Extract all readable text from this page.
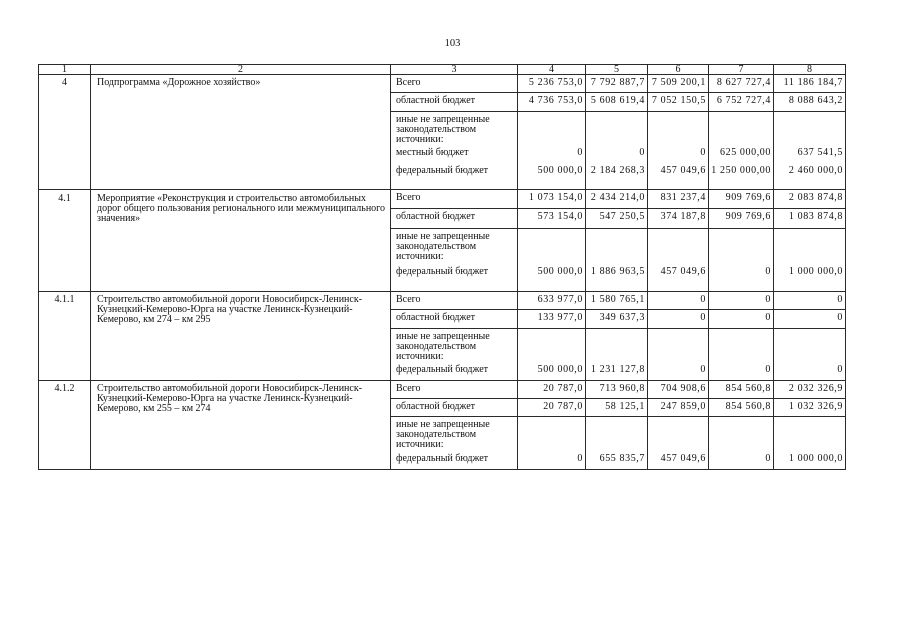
103
1	2	3	4	5	6	7	8
4	Подпрограмма «Дорожное хозяйство»	Всего	5 236 753,0	7 792 887,7	7 509 200,1	8 627 727,4	11 186 184,7
		областной бюджет	4 736 753,0	5 608 619,4	7 052 150,5	6 752 727,4	8 088 643,2

		иные не запрещенные
законодательством
источники:					

		местный бюджет	0	0	0	625 000,00	637 541,5
		федеральный бюджет	500 000,0	2 184 268,3	457 049,6	1 250 000,00	2 460 000,0
4.1	Мероприятие «Реконструкция и строительство автомобильных
дорог общего пользования регионального или межмуниципального
значения»	Всего	1 073 154,0	2 434 214,0	831 237,4	909 769,6	2 083 874,8
		областной бюджет	573 154,0	547 250,5	374 187,8	909 769,6	1 083 874,8

		иные не запрещенные
законодательством
источники:					

		федеральный бюджет	500 000,0	1 886 963,5	457 049,6	0	1 000 000,0
4.1.1	Строительство автомобильной дороги Новосибирск-Ленинск-
Кузнецкий-Кемерово-Юрга на участке Ленинск-Кузнецкий-
Кемерово, км 274 – км 295	Всего	633 977,0	1 580 765,1	0	0	0
		областной бюджет	133 977,0	349 637,3	0	0	0

		иные не запрещенные
законодательством
источники:					

		федеральный бюджет	500 000,0	1 231 127,8	0	0	0
4.1.2	Строительство автомобильной дороги Новосибирск-Ленинск-
Кузнецкий-Кемерово-Юрга на участке Ленинск-Кузнецкий-
Кемерово, км 255 – км 274	Всего	20 787,0	713 960,8	704 908,6	854 560,8	2 032 326,9
		областной бюджет	20 787,0	58 125,1	247 859,0	854 560,8	1 032 326,9

		иные не запрещенные
законодательством
источники:					

		федеральный бюджет	0	655 835,7	457 049,6	0	1 000 000,0
